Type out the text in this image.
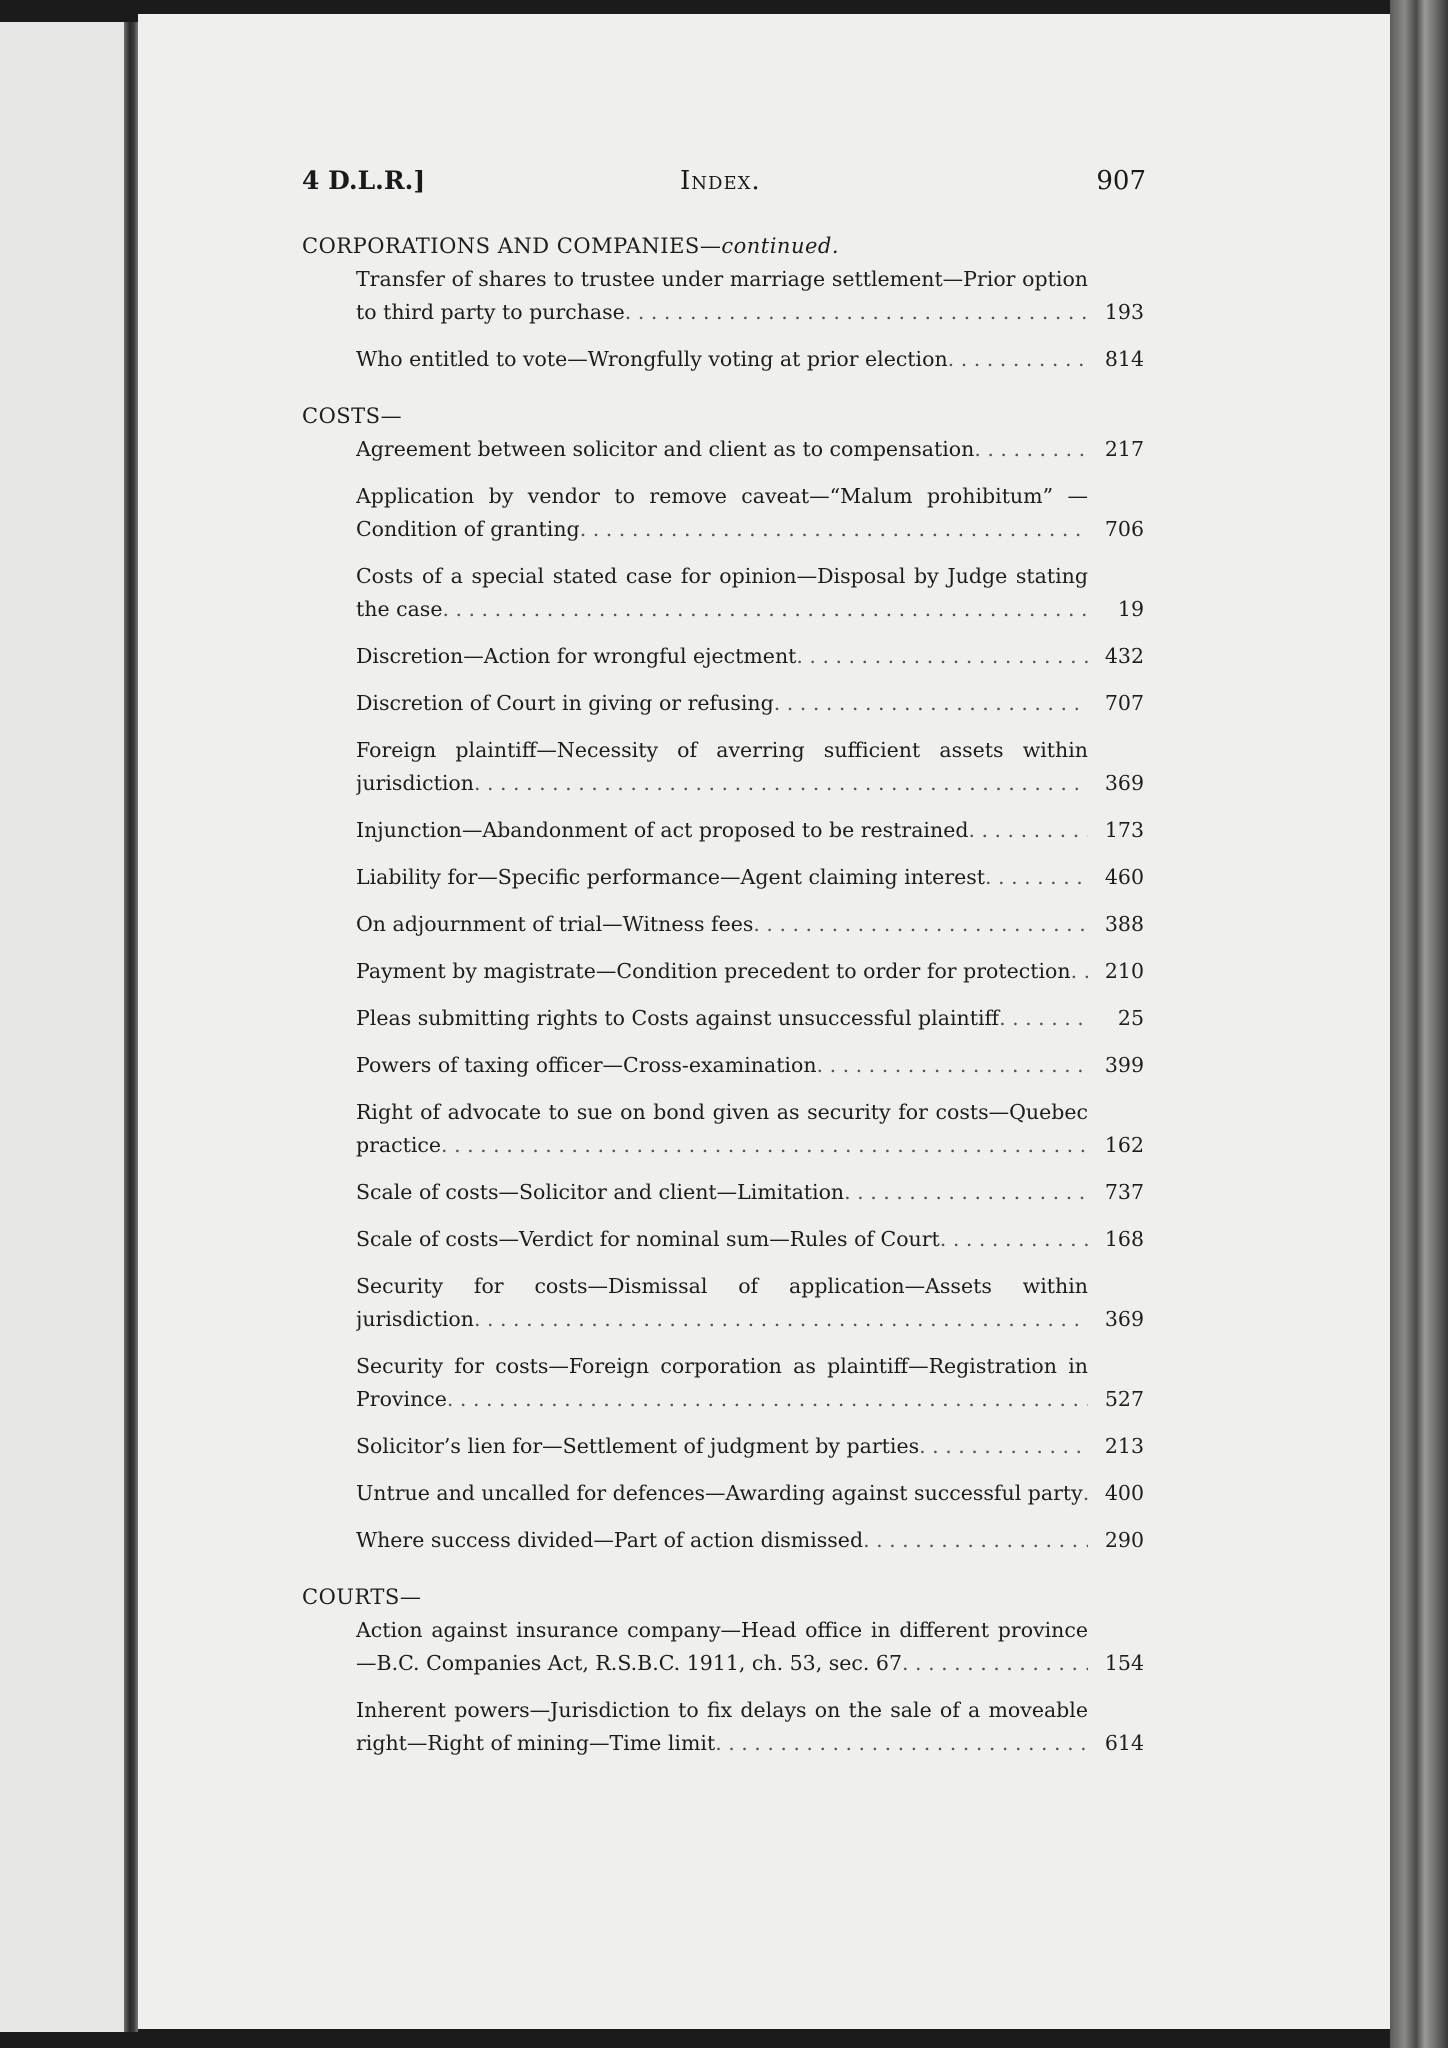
4 D.L.R.]	Index.	907
CORPORATIONS AND COMPANIES—continued.
Transfer of shares to trustee under marriage settlement—Prior option to third party to purchase . . .	193
Who entitled to vote—Wrongfully voting at prior election . . .	814
COSTS—
Agreement between solicitor and client as to compensation . . .	217
Application by vendor to remove caveat—“Malum prohibitum” —Condition of granting . . .	706
Costs of a special stated case for opinion—Disposal by Judge stating the case . . .	19
Discretion—Action for wrongful ejectment . . .	432
Discretion of Court in giving or refusing . . .	707
Foreign plaintiff—Necessity of averring sufficient assets within jurisdiction . . .	369
Injunction—Abandonment of act proposed to be restrained . . .	173
Liability for—Specific performance—Agent claiming interest . . .	460
On adjournment of trial—Witness fees . . .	388
Payment by magistrate—Condition precedent to order for protection . . .	210
Pleas submitting rights to Costs against unsuccessful plaintiff . . .	25
Powers of taxing officer—Cross-examination . . .	399
Right of advocate to sue on bond given as security for costs—Quebec practice . . .	162
Scale of costs—Solicitor and client—Limitation . . .	737
Scale of costs—Verdict for nominal sum—Rules of Court . . .	168
Security for costs—Dismissal of application—Assets within jurisdiction . . .	369
Security for costs—Foreign corporation as plaintiff—Registration in Province . . .	527
Solicitor’s lien for—Settlement of judgment by parties . . .	213
Untrue and uncalled for defences—Awarding against successful party . . .	400
Where success divided—Part of action dismissed . . .	290
COURTS—
Action against insurance company—Head office in different province—B.C. Companies Act, R.S.B.C. 1911, ch. 53, sec. 67 . . .	154
Inherent powers—Jurisdiction to fix delays on the sale of a moveable right—Right of mining—Time limit . . .	614
